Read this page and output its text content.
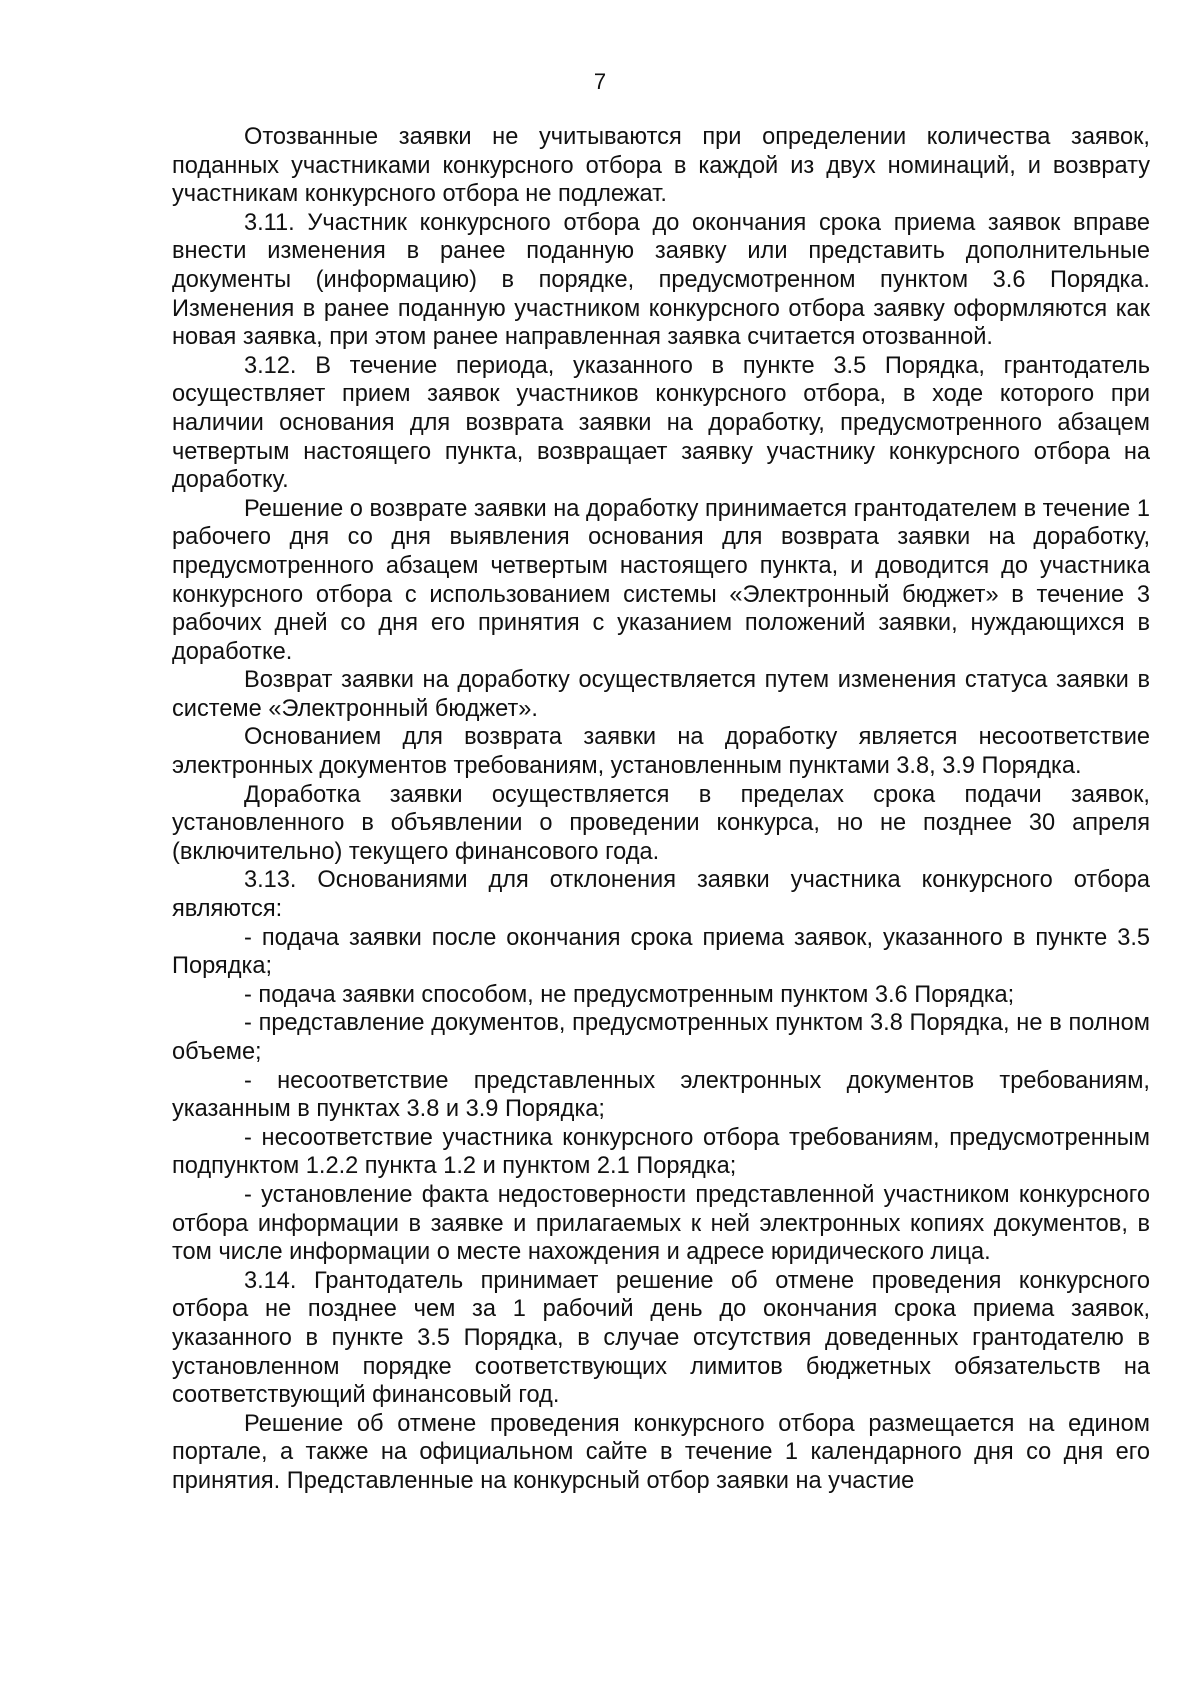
7

Отозванные заявки не учитываются при определении количества заявок, поданных участниками конкурсного отбора в каждой из двух номинаций, и возврату участникам конкурсного отбора не подлежат.

3.11. Участник конкурсного отбора до окончания срока приема заявок вправе внести изменения в ранее поданную заявку или представить дополнительные документы (информацию) в порядке, предусмотренном пунктом 3.6 Порядка. Изменения в ранее поданную участником конкурсного отбора заявку оформляются как новая заявка, при этом ранее направленная заявка считается отозванной.

3.12. В течение периода, указанного в пункте 3.5 Порядка, грантодатель осуществляет прием заявок участников конкурсного отбора, в ходе которого при наличии основания для возврата заявки на доработку, предусмотренного абзацем четвертым настоящего пункта, возвращает заявку участнику конкурсного отбора на доработку.

Решение о возврате заявки на доработку принимается грантодателем в течение 1 рабочего дня со дня выявления основания для возврата заявки на доработку, предусмотренного абзацем четвертым настоящего пункта, и доводится до участника конкурсного отбора с использованием системы «Электронный бюджет» в течение 3 рабочих дней со дня его принятия с указанием положений заявки, нуждающихся в доработке.

Возврат заявки на доработку осуществляется путем изменения статуса заявки в системе «Электронный бюджет».

Основанием для возврата заявки на доработку является несоответствие электронных документов требованиям, установленным пунктами 3.8, 3.9 Порядка.

Доработка заявки осуществляется в пределах срока подачи заявок, установленного в объявлении о проведении конкурса, но не позднее 30 апреля (включительно) текущего финансового года.

3.13. Основаниями для отклонения заявки участника конкурсного отбора являются:

- подача заявки после окончания срока приема заявок, указанного в пункте 3.5 Порядка;

- подача заявки способом, не предусмотренным пунктом 3.6 Порядка;

- представление документов, предусмотренных пунктом 3.8 Порядка, не в полном объеме;

- несоответствие представленных электронных документов требованиям, указанным в пунктах 3.8 и 3.9 Порядка;

- несоответствие участника конкурсного отбора требованиям, предусмотренным подпунктом 1.2.2 пункта 1.2 и пунктом 2.1 Порядка;

- установление факта недостоверности представленной участником конкурсного отбора информации в заявке и прилагаемых к ней электронных копиях документов, в том числе информации о месте нахождения и адресе юридического лица.

3.14. Грантодатель принимает решение об отмене проведения конкурсного отбора не позднее чем за 1 рабочий день до окончания срока приема заявок, указанного в пункте 3.5 Порядка, в случае отсутствия доведенных грантодателю в установленном порядке соответствующих лимитов бюджетных обязательств на соответствующий финансовый год.

Решение об отмене проведения конкурсного отбора размещается на едином портале, а также на официальном сайте в течение 1 календарного дня со дня его принятия. Представленные на конкурсный отбор заявки на участие
